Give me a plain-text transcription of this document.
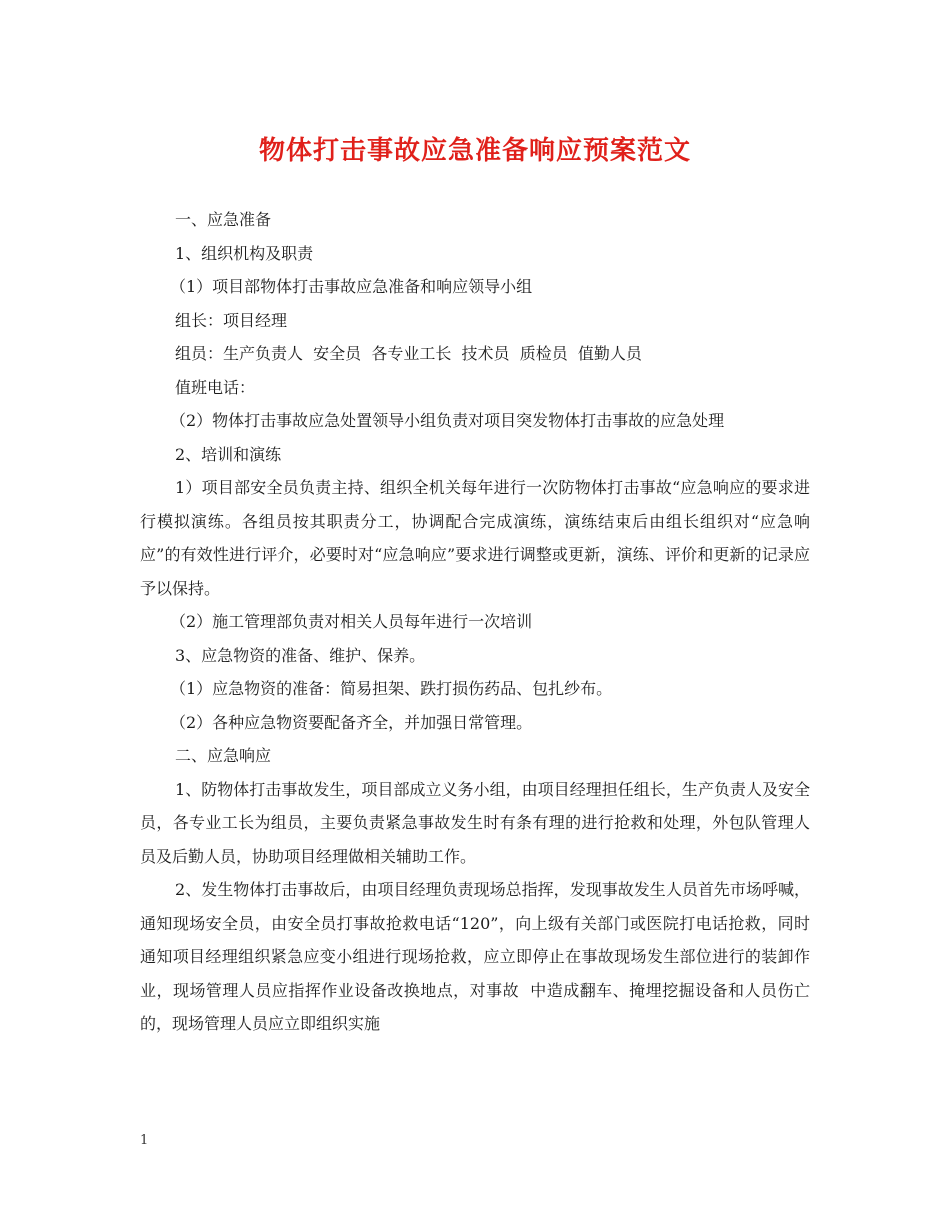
物体打击事故应急准备响应预案范文

一、应急准备

1、组织机构及职责

（1）项目部物体打击事故应急准备和响应领导小组

组长：项目经理

组员：生产负责人  安全员  各专业工长  技术员  质检员  值勤人员

值班电话：

（2）物体打击事故应急处置领导小组负责对项目突发物体打击事故的应急处理

2、培训和演练

1）项目部安全员负责主持、组织全机关每年进行一次防物体打击事故“应急响应的要求进行模拟演练。各组员按其职责分工，协调配合完成演练，演练结束后由组长组织对“应急响应”的有效性进行评介，必要时对“应急响应”要求进行调整或更新，演练、评价和更新的记录应予以保持。

（2）施工管理部负责对相关人员每年进行一次培训

3、应急物资的准备、维护、保养。

（1）应急物资的准备：简易担架、跌打损伤药品、包扎纱布。

（2）各种应急物资要配备齐全，并加强日常管理。

二、应急响应

1、防物体打击事故发生，项目部成立义务小组，由项目经理担任组长，生产负责人及安全员，各专业工长为组员，主要负责紧急事故发生时有条有理的进行抢救和处理，外包队管理人员及后勤人员，协助项目经理做相关辅助工作。

2、发生物体打击事故后，由项目经理负责现场总指挥，发现事故发生人员首先市场呼喊，通知现场安全员，由安全员打事故抢救电话“120”，向上级有关部门或医院打电话抢救，同时通知项目经理组织紧急应变小组进行现场抢救，应立即停止在事故现场发生部位进行的装卸作业，现场管理人员应指挥作业设备改换地点，对事故  中造成翻车、掩埋挖掘设备和人员伤亡的，现场管理人员应立即组织实施

1
